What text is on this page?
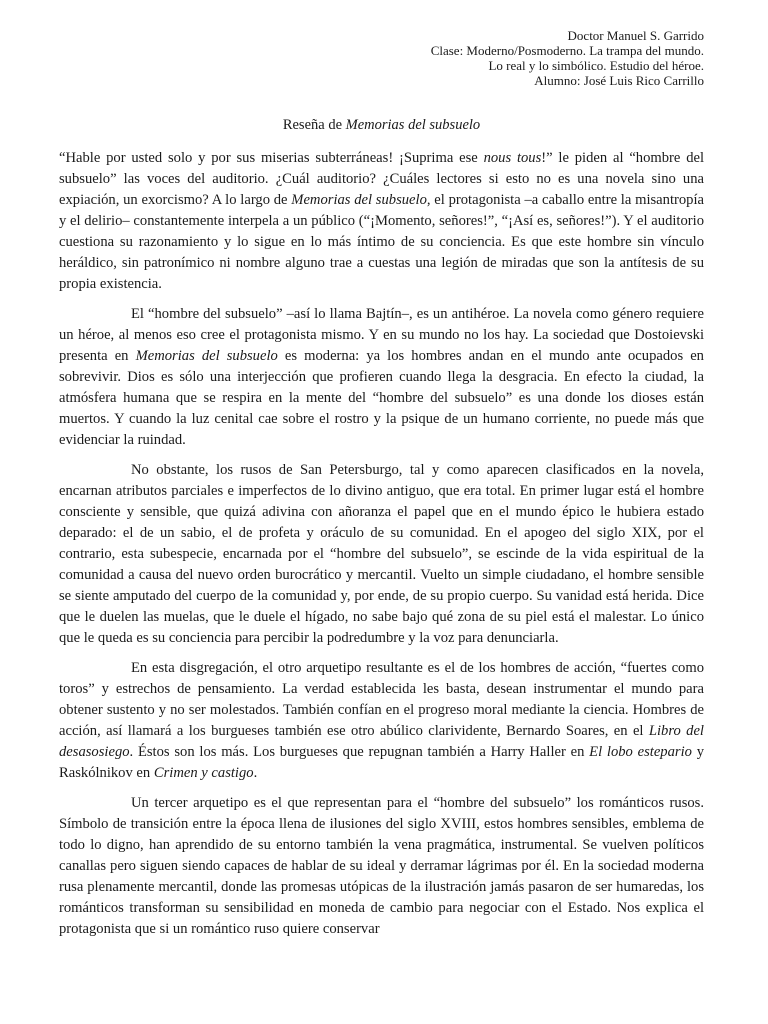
Doctor Manuel S. Garrido
Clase: Moderno/Posmoderno. La trampa del mundo.
Lo real y lo simbólico. Estudio del héroe.
Alumno: José Luis Rico Carrillo
Reseña de Memorias del subsuelo

“Hable por usted solo y por sus miserias subterráneas! ¡Suprima ese nous tous!” le piden al “hombre del subsuelo” las voces del auditorio. ¿Cuál auditorio? ¿Cuáles lectores si esto no es una novela sino una expiación, un exorcismo? A lo largo de Memorias del subsuelo, el protagonista –a caballo entre la misantropía y el delirio– constantemente interpela a un público (“¡Momento, señores!”, “¡Así es, señores!”). Y el auditorio cuestiona su razonamiento y lo sigue en lo más íntimo de su conciencia. Es que este hombre sin vínculo heráldico, sin patronímico ni nombre alguno trae a cuestas una legión de miradas que son la antítesis de su propia existencia.

El “hombre del subsuelo” –así lo llama Bajtín–, es un antihéroe. La novela como género requiere un héroe, al menos eso cree el protagonista mismo. Y en su mundo no los hay. La sociedad que Dostoievski presenta en Memorias del subsuelo es moderna: ya los hombres andan en el mundo ante ocupados en sobrevivir. Dios es sólo una interjección que profieren cuando llega la desgracia. En efecto la ciudad, la atmósfera humana que se respira en la mente del “hombre del subsuelo” es una donde los dioses están muertos. Y cuando la luz cenital cae sobre el rostro y la psique de un humano corriente, no puede más que evidenciar la ruindad.

No obstante, los rusos de San Petersburgo, tal y como aparecen clasificados en la novela, encarnan atributos parciales e imperfectos de lo divino antiguo, que era total. En primer lugar está el hombre consciente y sensible, que quizá adivina con añoranza el papel que en el mundo épico le hubiera estado deparado: el de un sabio, el de profeta y oráculo de su comunidad. En el apogeo del siglo XIX, por el contrario, esta subespecie, encarnada por el “hombre del subsuelo”, se escinde de la vida espiritual de la comunidad a causa del nuevo orden burocrático y mercantil. Vuelto un simple ciudadano, el hombre sensible se siente amputado del cuerpo de la comunidad y, por ende, de su propio cuerpo. Su vanidad está herida. Dice que le duelen las muelas, que le duele el hígado, no sabe bajo qué zona de su piel está el malestar. Lo único que le queda es su conciencia para percibir la podredumbre y la voz para denunciarla.

En esta disgregación, el otro arquetipo resultante es el de los hombres de acción, “fuertes como toros” y estrechos de pensamiento. La verdad establecida les basta, desean instrumentar el mundo para obtener sustento y no ser molestados. También confían en el progreso moral mediante la ciencia. Hombres de acción, así llamará a los burgueses también ese otro abúlico clarividente, Bernardo Soares, en el Libro del desasosiego. Éstos son los más. Los burgueses que repugnan también a Harry Haller en El lobo estepario y Raskólnikov en Crimen y castigo.

Un tercer arquetipo es el que representan para el “hombre del subsuelo” los románticos rusos. Símbolo de transición entre la época llena de ilusiones del siglo XVIII, estos hombres sensibles, emblema de todo lo digno, han aprendido de su entorno también la vena pragmática, instrumental. Se vuelven políticos canallas pero siguen siendo capaces de hablar de su ideal y derramar lágrimas por él. En la sociedad moderna rusa plenamente mercantil, donde las promesas utópicas de la ilustración jamás pasaron de ser humaredas, los románticos transforman su sensibilidad en moneda de cambio para negociar con el Estado. Nos explica el protagonista que si un romántico ruso quiere conservar
